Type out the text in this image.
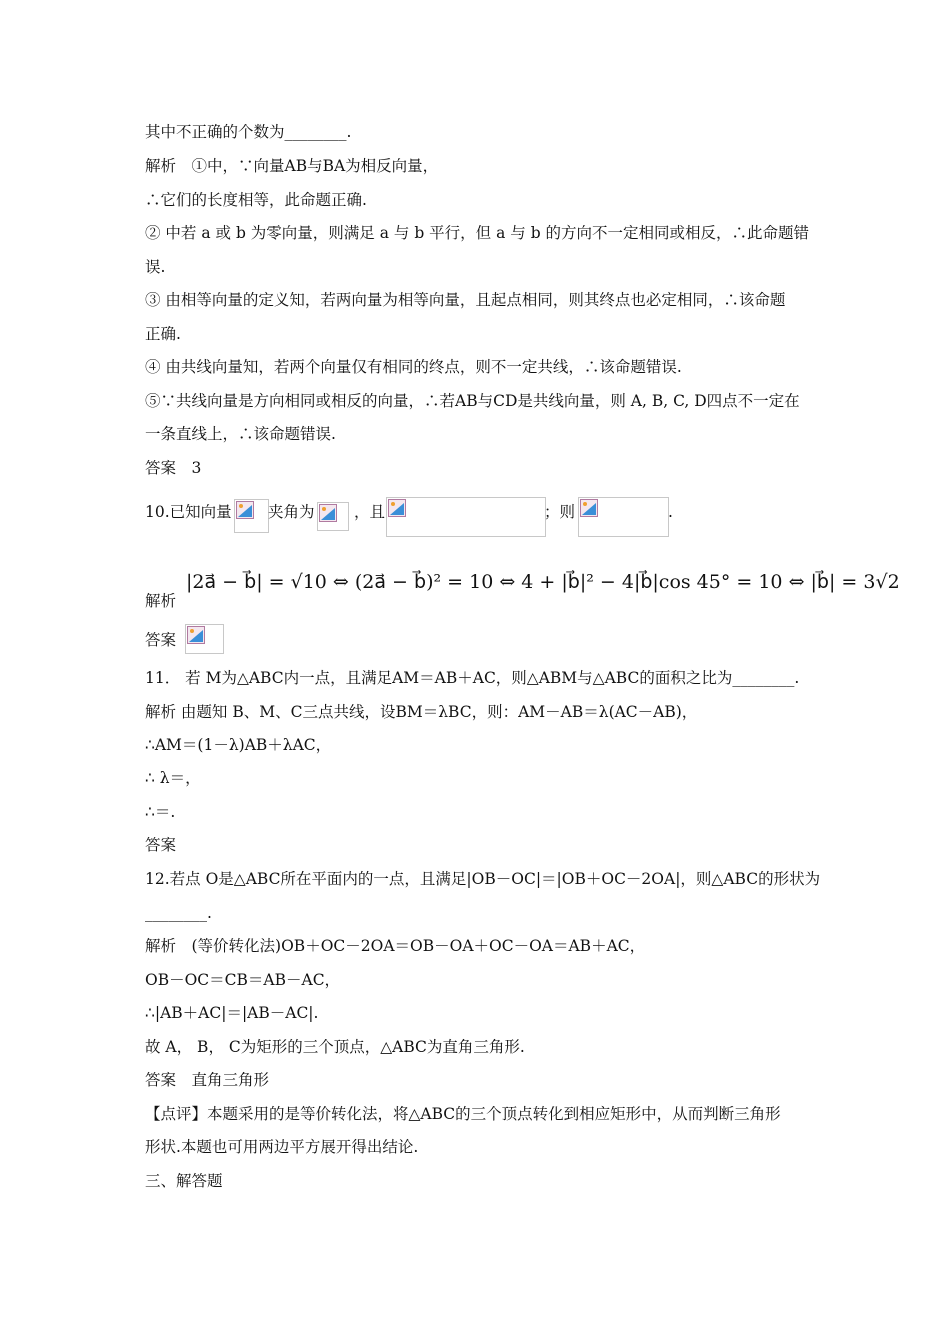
其中不正确的个数为________.
解析　①中，∵向量AB与BA为相反向量，
∴它们的长度相等，此命题正确.
② 中若 a 或 b 为零向量，则满足 a 与 b 平行，但 a 与 b 的方向不一定相同或相反，∴此命题错
误.
③ 由相等向量的定义知，若两向量为相等向量，且起点相同，则其终点也必定相同，∴该命题
正确.
④ 由共线向量知，若两个向量仅有相同的终点，则不一定共线，∴该命题错误.
⑤∵共线向量是方向相同或相反的向量，∴若AB与CD是共线向量，则 A, B, C, D四点不一定在
一条直线上，∴该命题错误.
答案　3
10.已知向量 夹角为	，且	；则	.
解析
|2a⃗ − b⃗| = √10 ⇔ (2a⃗ − b⃗)² = 10 ⇔ 4 + |b⃗|² − 4|b⃗|cos 45° = 10 ⇔ |b⃗| = 3√2
答案
11． 若 M为△ABC内一点，且满足AM＝AB＋AC，则△ABM与△ABC的面积之比为________.
解析 由题知 B、M、C三点共线，设BM＝λBC，则：AM－AB＝λ(AC－AB)，
∴AM＝(1－λ)AB＋λAC，
∴ λ＝，
∴＝.
答案
12.若点 O是△ABC所在平面内的一点，且满足|OB－OC|＝|OB＋OC－2OA|，则△ABC的形状为
________.
解析　(等价转化法)OB＋OC－2OA＝OB－OA＋OC－OA＝AB＋AC，
OB－OC＝CB＝AB－AC，
∴|AB＋AC|＝|AB－AC|.
故 A， B， C为矩形的三个顶点，△ABC为直角三角形.
答案　直角三角形
【点评】本题采用的是等价转化法，将△ABC的三个顶点转化到相应矩形中，从而判断三角形
形状.本题也可用两边平方展开得出结论.
三、解答题
